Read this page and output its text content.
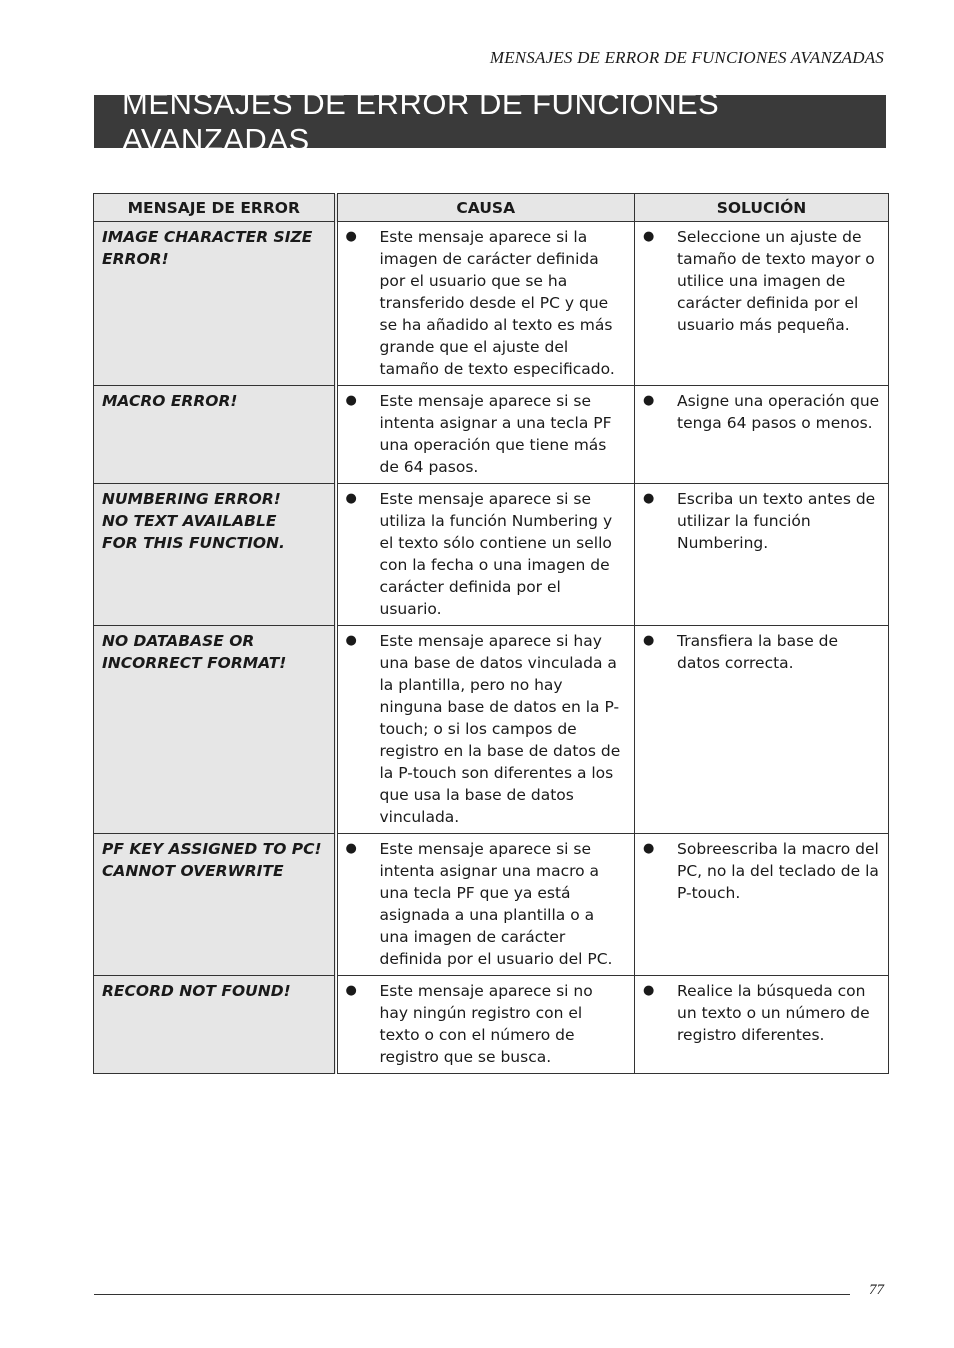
MENSAJES DE ERROR DE FUNCIONES AVANZADAS
MENSAJES DE ERROR DE FUNCIONES AVANZADAS
MENSAJE DE ERROR	CAUSA	SOLUCIÓN
IMAGE CHARACTER SIZE ERROR!	● Este mensaje aparece si la imagen de carácter definida por el usuario que se ha transferido desde el PC y que se ha añadido al texto es más grande que el ajuste del tamaño de texto especificado.	● Seleccione un ajuste de tamaño de texto mayor o utilice una imagen de carácter definida por el usuario más pequeña.

MACRO ERROR!	● Este mensaje aparece si se intenta asignar a una tecla PF una operación que tiene más de 64 pasos.	● Asigne una operación que tenga 64 pasos o menos.

NUMBERING ERROR!
NO TEXT AVAILABLE
FOR THIS FUNCTION.	● Este mensaje aparece si se utiliza la función Numbering y el texto sólo contiene un sello con la fecha o una imagen de carácter definida por el usuario.	● Escriba un texto antes de utilizar la función Numbering.

NO DATABASE OR
INCORRECT FORMAT!	● Este mensaje aparece si hay una base de datos vinculada a la plantilla, pero no hay ninguna base de datos en la P-touch; o si los campos de registro en la base de datos de la P-touch son diferentes a los que usa la base de datos vinculada.	● Transfiera la base de datos correcta.

PF KEY ASSIGNED TO PC!
CANNOT OVERWRITE	● Este mensaje aparece si se intenta asignar una macro a una tecla PF que ya está asignada a una plantilla o a una imagen de carácter definida por el usuario del PC.	● Sobreescriba la macro del PC, no la del teclado de la P-touch.

RECORD NOT FOUND!	● Este mensaje aparece si no hay ningún registro con el texto o con el número de registro que se busca.	● Realice la búsqueda con un texto o un número de registro diferentes.
77
